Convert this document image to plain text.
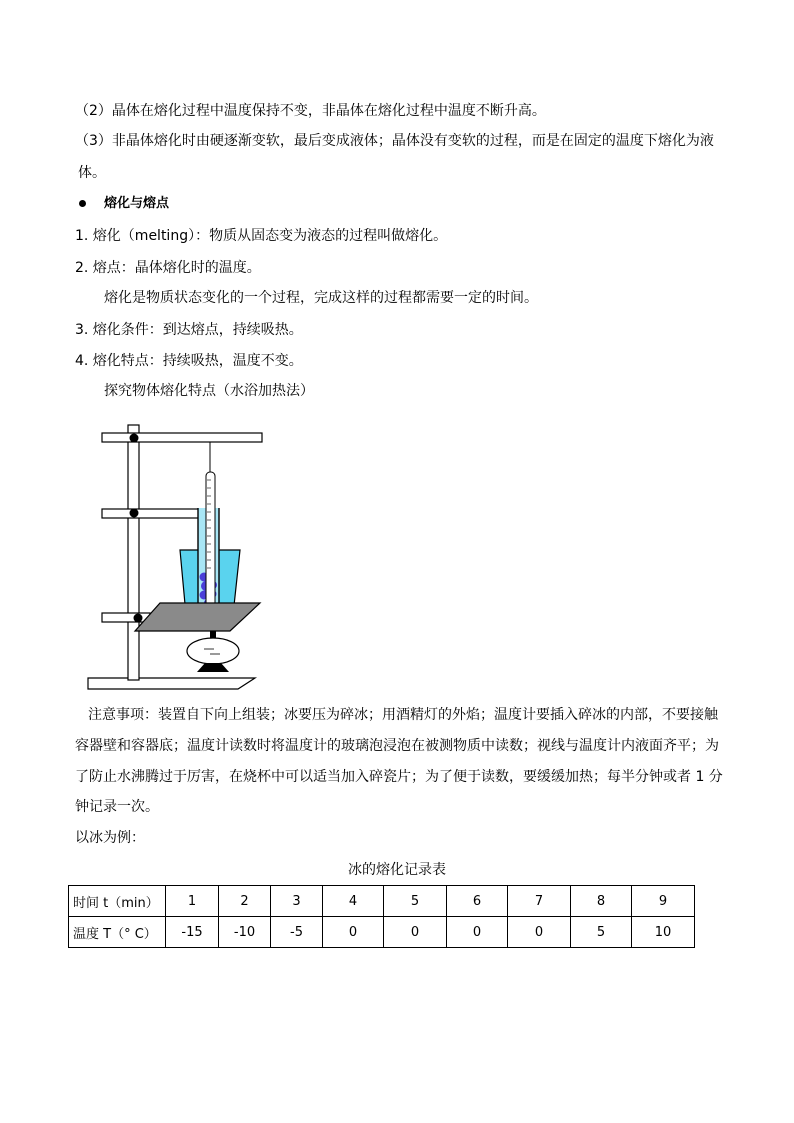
（2）晶体在熔化过程中温度保持不变，非晶体在熔化过程中温度不断升高。
（3）非晶体熔化时由硬逐渐变软，最后变成液体；晶体没有变软的过程，而是在固定的温度下熔化为液
体。
熔化与熔点
1. 熔化（melting）：物质从固态变为液态的过程叫做熔化。
2. 熔点：晶体熔化时的温度。
熔化是物质状态变化的一个过程，完成这样的过程都需要一定的时间。
3. 熔化条件：到达熔点，持续吸热。
4. 熔化特点：持续吸热，温度不变。
探究物体熔化特点（水浴加热法）
注意事项：装置自下向上组装；冰要压为碎冰；用酒精灯的外焰；温度计要插入碎冰的内部，不要接触
容器壁和容器底；温度计读数时将温度计的玻璃泡浸泡在被测物质中读数；视线与温度计内液面齐平；为
了防止水沸腾过于厉害，在烧杯中可以适当加入碎瓷片；为了便于读数，要缓缓加热；每半分钟或者 1 分
钟记录一次。
以冰为例：
冰的熔化记录表
时间 t（min）	1	2	3	4	5	6	7	8	9
温度 T（° C）	-15	-10	-5	0	0	0	0	5	10
